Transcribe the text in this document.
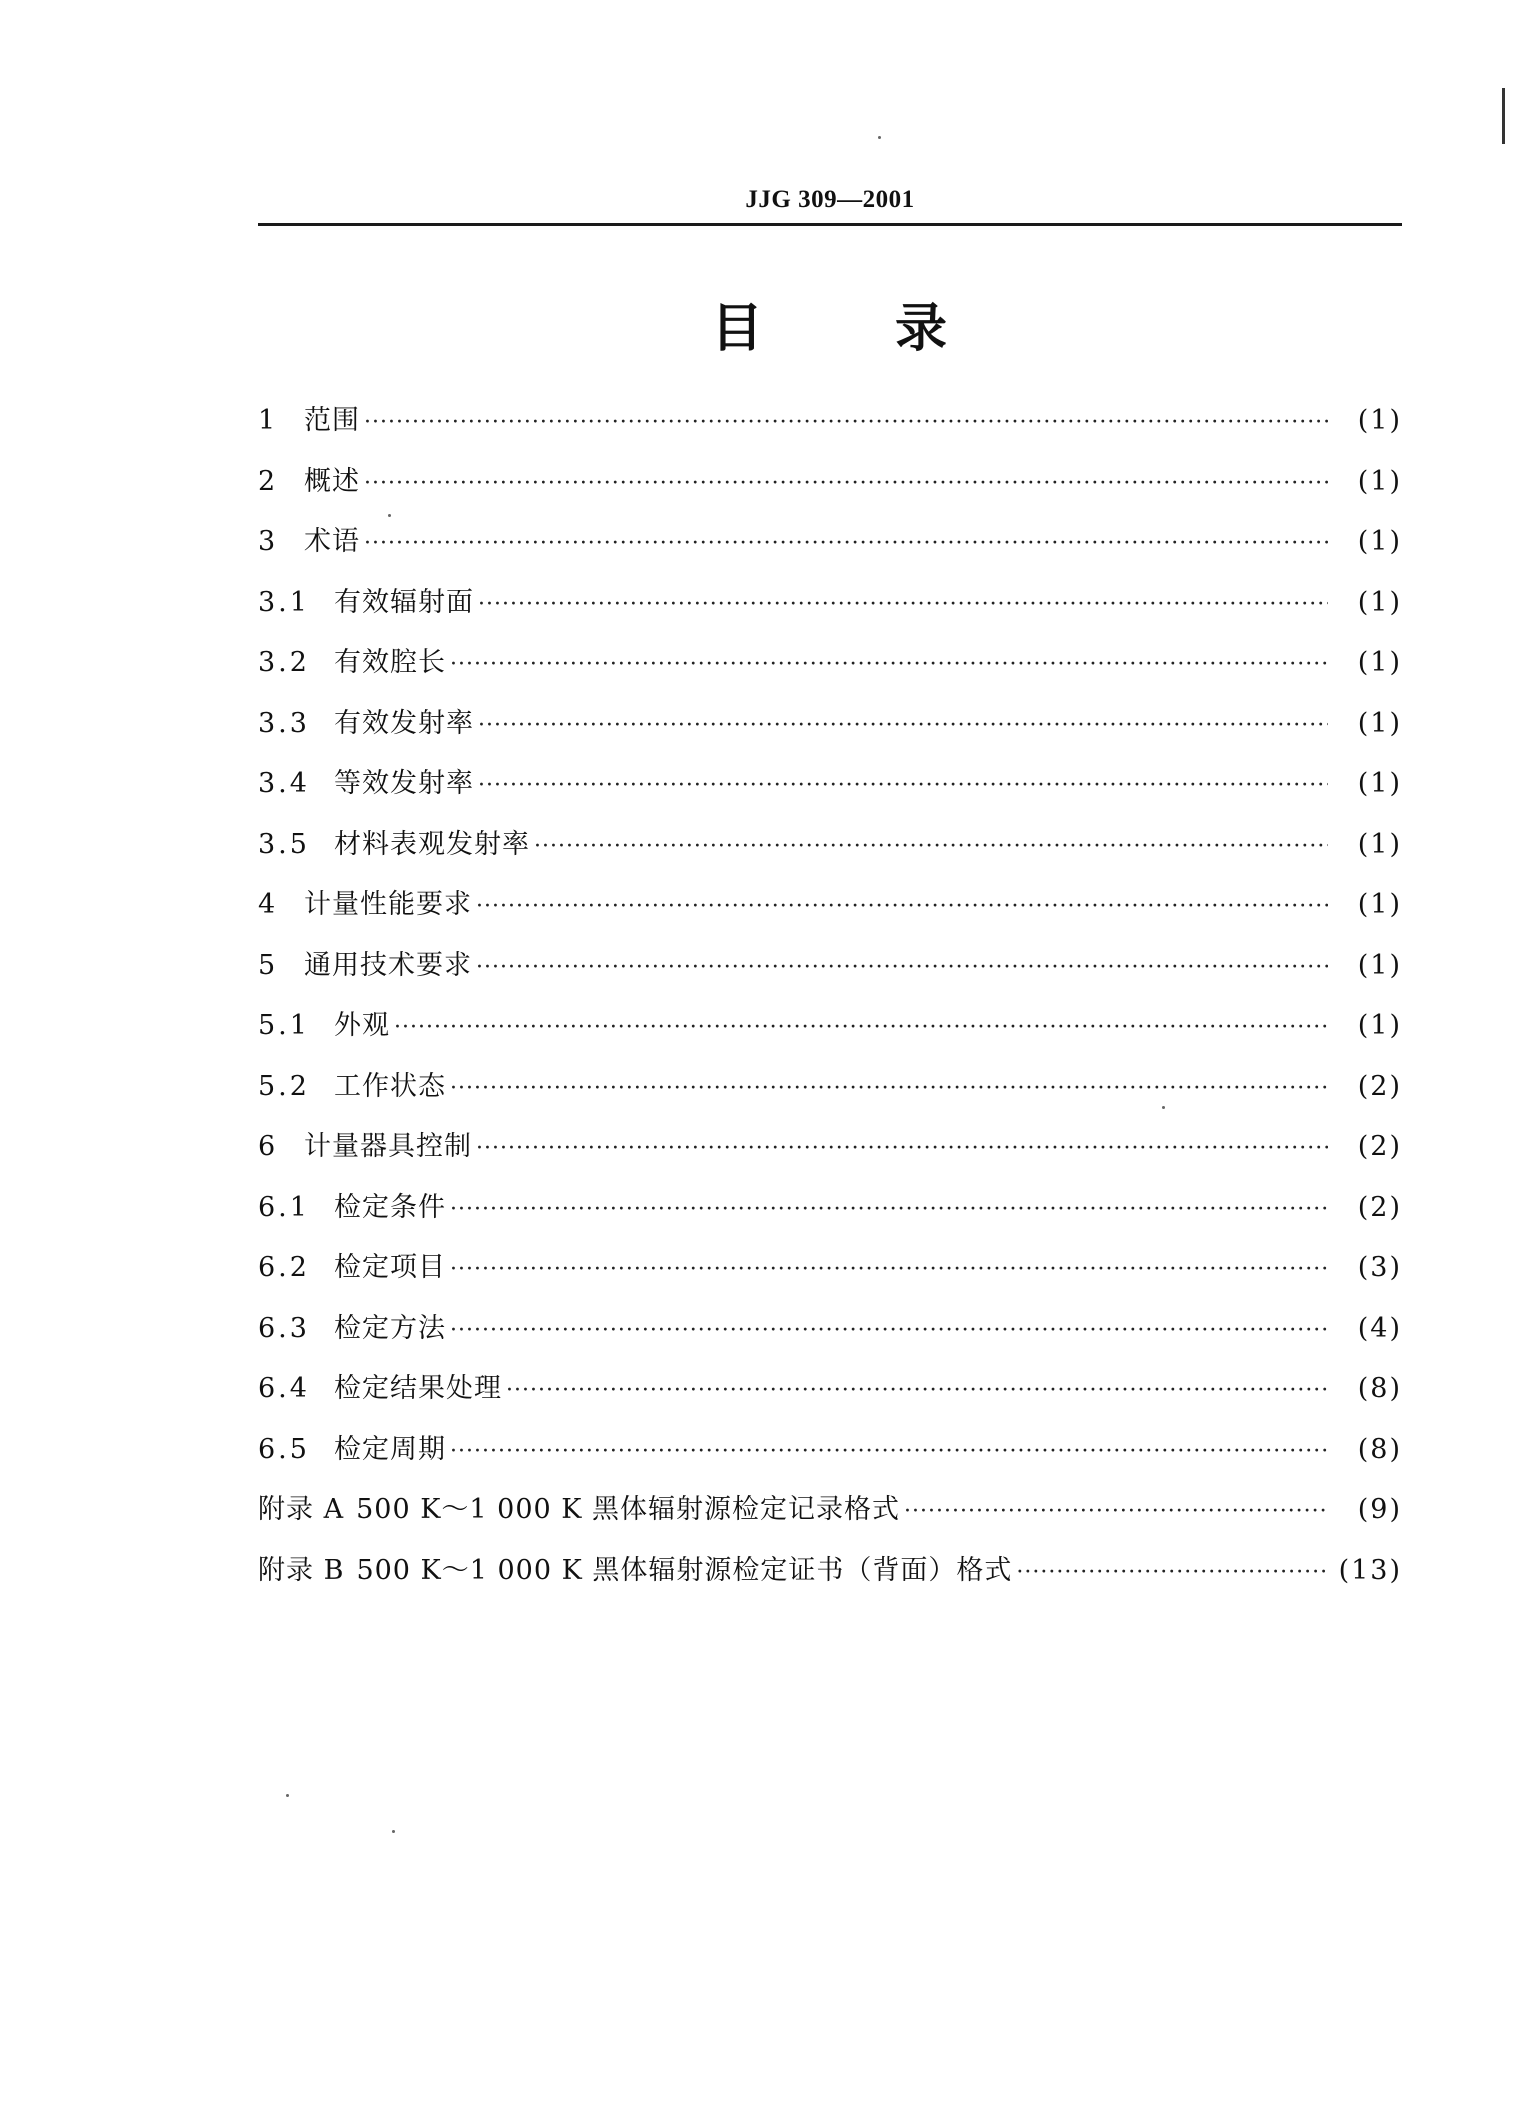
JJG 309—2001
目 录
1	范围 ·····	(1)
2	概述 ·····	(1)
3	术语 ·····	(1)
3.1 有效辐射面 ·····	(1)
3.2 有效腔长 ·····	(1)
3.3 有效发射率 ·····	(1)
3.4 等效发射率 ·····	(1)
3.5 材料表观发射率 ·····	(1)
4	计量性能要求 ·····	(1)
5	通用技术要求 ·····	(1)
5.1 外观 ·····	(1)
5.2 工作状态 ·····	(2)
6	计量器具控制 ·····	(2)
6.1 检定条件 ·····	(2)
6.2 检定项目 ·····	(3)
6.3 检定方法 ·····	(4)
6.4 检定结果处理 ·····	(8)
6.5 检定周期 ·····	(8)
附录 A 500 K～1 000 K 黑体辐射源检定记录格式 ·····	(9)
附录 B 500 K～1 000 K 黑体辐射源检定证书（背面）格式 ·····	(13)
